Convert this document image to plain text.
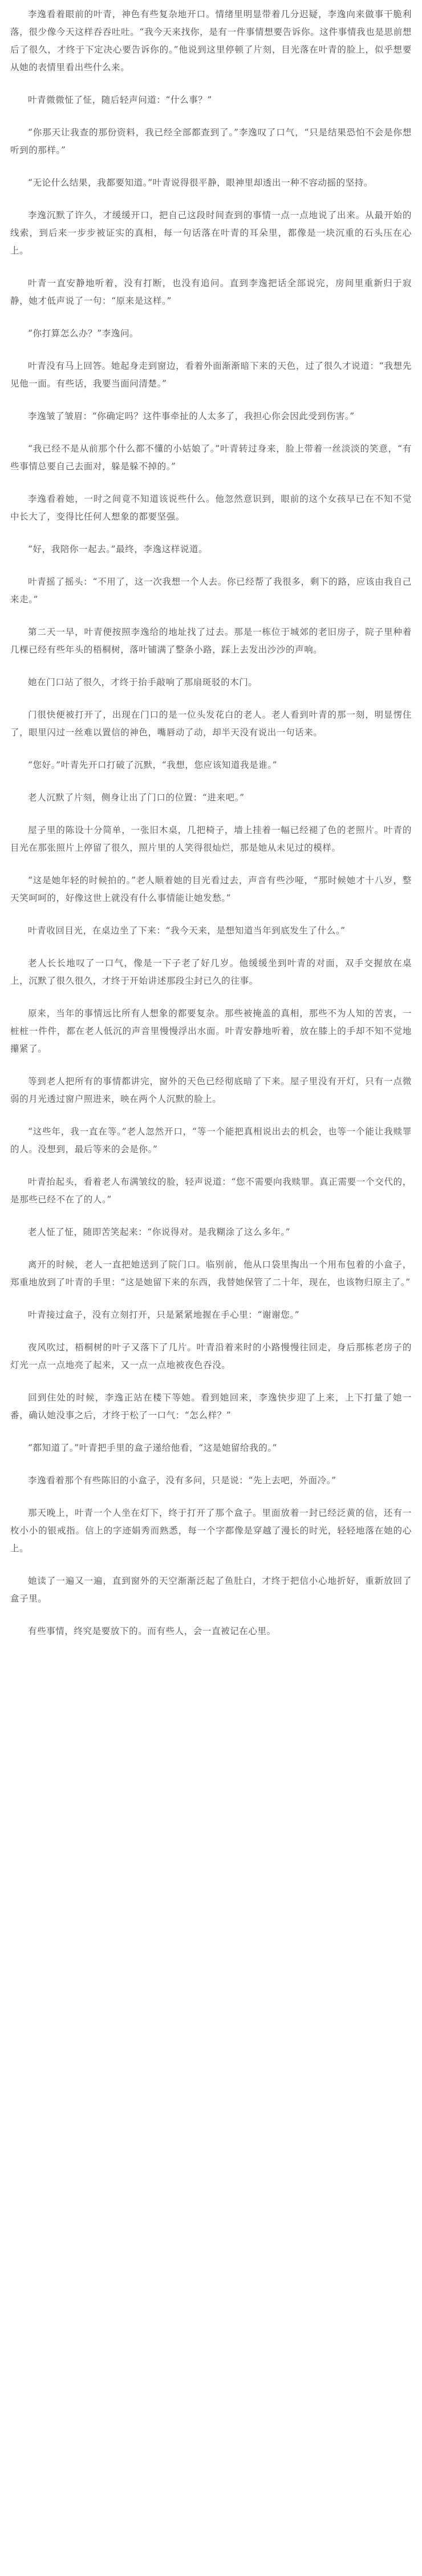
李逸看着眼前的叶青，神色有些复杂地开口。情绪里明显带着几分迟疑，李逸向来做事干脆利落，很少像今天这样吞吞吐吐。“我今天来找你，是有一件事情想要告诉你。这件事情我也是思前想后了很久，才终于下定决心要告诉你的。”他说到这里停顿了片刻，目光落在叶青的脸上，似乎想要从她的表情里看出些什么来。

叶青微微怔了怔，随后轻声问道：“什么事？”

“你那天让我查的那份资料，我已经全部都查到了。”李逸叹了口气，“只是结果恐怕不会是你想听到的那样。”

“无论什么结果，我都要知道。”叶青说得很平静，眼神里却透出一种不容动摇的坚持。

李逸沉默了许久，才缓缓开口，把自己这段时间查到的事情一点一点地说了出来。从最开始的线索，到后来一步步被证实的真相，每一句话落在叶青的耳朵里，都像是一块沉重的石头压在心上。

叶青一直安静地听着，没有打断，也没有追问。直到李逸把话全部说完，房间里重新归于寂静，她才低声说了一句：“原来是这样。”

“你打算怎么办？”李逸问。

叶青没有马上回答。她起身走到窗边，看着外面渐渐暗下来的天色，过了很久才说道：“我想先见他一面。有些话，我要当面问清楚。”

李逸皱了皱眉：“你确定吗？这件事牵扯的人太多了，我担心你会因此受到伤害。”

“我已经不是从前那个什么都不懂的小姑娘了。”叶青转过身来，脸上带着一丝淡淡的笑意，“有些事情总要自己去面对，躲是躲不掉的。”

李逸看着她，一时之间竟不知道该说些什么。他忽然意识到，眼前的这个女孩早已在不知不觉中长大了，变得比任何人想象的都要坚强。

“好，我陪你一起去。”最终，李逸这样说道。

叶青摇了摇头：“不用了，这一次我想一个人去。你已经帮了我很多，剩下的路，应该由我自己来走。”

第二天一早，叶青便按照李逸给的地址找了过去。那是一栋位于城郊的老旧房子，院子里种着几棵已经有些年头的梧桐树，落叶铺满了整条小路，踩上去发出沙沙的声响。

她在门口站了很久，才终于抬手敲响了那扇斑驳的木门。

门很快便被打开了，出现在门口的是一位头发花白的老人。老人看到叶青的那一刻，明显愣住了，眼里闪过一丝难以置信的神色，嘴唇动了动，却半天没有说出一句话来。

“您好。”叶青先开口打破了沉默，“我想，您应该知道我是谁。”

老人沉默了片刻，侧身让出了门口的位置：“进来吧。”

屋子里的陈设十分简单，一张旧木桌，几把椅子，墙上挂着一幅已经褪了色的老照片。叶青的目光在那张照片上停留了很久，照片里的人笑得很灿烂，那是她从未见过的模样。

“这是她年轻的时候拍的。”老人顺着她的目光看过去，声音有些沙哑，“那时候她才十八岁，整天笑呵呵的，好像这世上就没有什么事情能让她发愁。”

叶青收回目光，在桌边坐了下来：“我今天来，是想知道当年到底发生了什么。”

老人长长地叹了一口气，像是一下子老了好几岁。他缓缓坐到叶青的对面，双手交握放在桌上，沉默了很久很久，才终于开始讲述那段尘封已久的往事。

原来，当年的事情远比所有人想象的都要复杂。那些被掩盖的真相，那些不为人知的苦衷，一桩桩一件件，都在老人低沉的声音里慢慢浮出水面。叶青安静地听着，放在膝上的手却不知不觉地攥紧了。

等到老人把所有的事情都讲完，窗外的天色已经彻底暗了下来。屋子里没有开灯，只有一点微弱的月光透过窗户照进来，映在两个人沉默的脸上。

“这些年，我一直在等。”老人忽然开口，“等一个能把真相说出去的机会，也等一个能让我赎罪的人。没想到，最后等来的会是你。”

叶青抬起头，看着老人布满皱纹的脸，轻声说道：“您不需要向我赎罪。真正需要一个交代的，是那些已经不在了的人。”

老人怔了怔，随即苦笑起来：“你说得对。是我糊涂了这么多年。”

离开的时候，老人一直把她送到了院门口。临别前，他从口袋里掏出一个用布包着的小盒子，郑重地放到了叶青的手里：“这是她留下来的东西，我替她保管了二十年，现在，也该物归原主了。”

叶青接过盒子，没有立刻打开，只是紧紧地握在手心里：“谢谢您。”

夜风吹过，梧桐树的叶子又落下了几片。叶青沿着来时的小路慢慢往回走，身后那栋老房子的灯光一点一点地亮了起来，又一点一点地被夜色吞没。

回到住处的时候，李逸正站在楼下等她。看到她回来，李逸快步迎了上来，上下打量了她一番，确认她没事之后，才终于松了一口气：“怎么样？”

“都知道了。”叶青把手里的盒子递给他看，“这是她留给我的。”

李逸看着那个有些陈旧的小盒子，没有多问，只是说：“先上去吧，外面冷。”

那天晚上，叶青一个人坐在灯下，终于打开了那个盒子。里面放着一封已经泛黄的信，还有一枚小小的银戒指。信上的字迹娟秀而熟悉，每一个字都像是穿越了漫长的时光，轻轻地落在她的心上。

她读了一遍又一遍，直到窗外的天空渐渐泛起了鱼肚白，才终于把信小心地折好，重新放回了盒子里。

有些事情，终究是要放下的。而有些人，会一直被记在心里。
